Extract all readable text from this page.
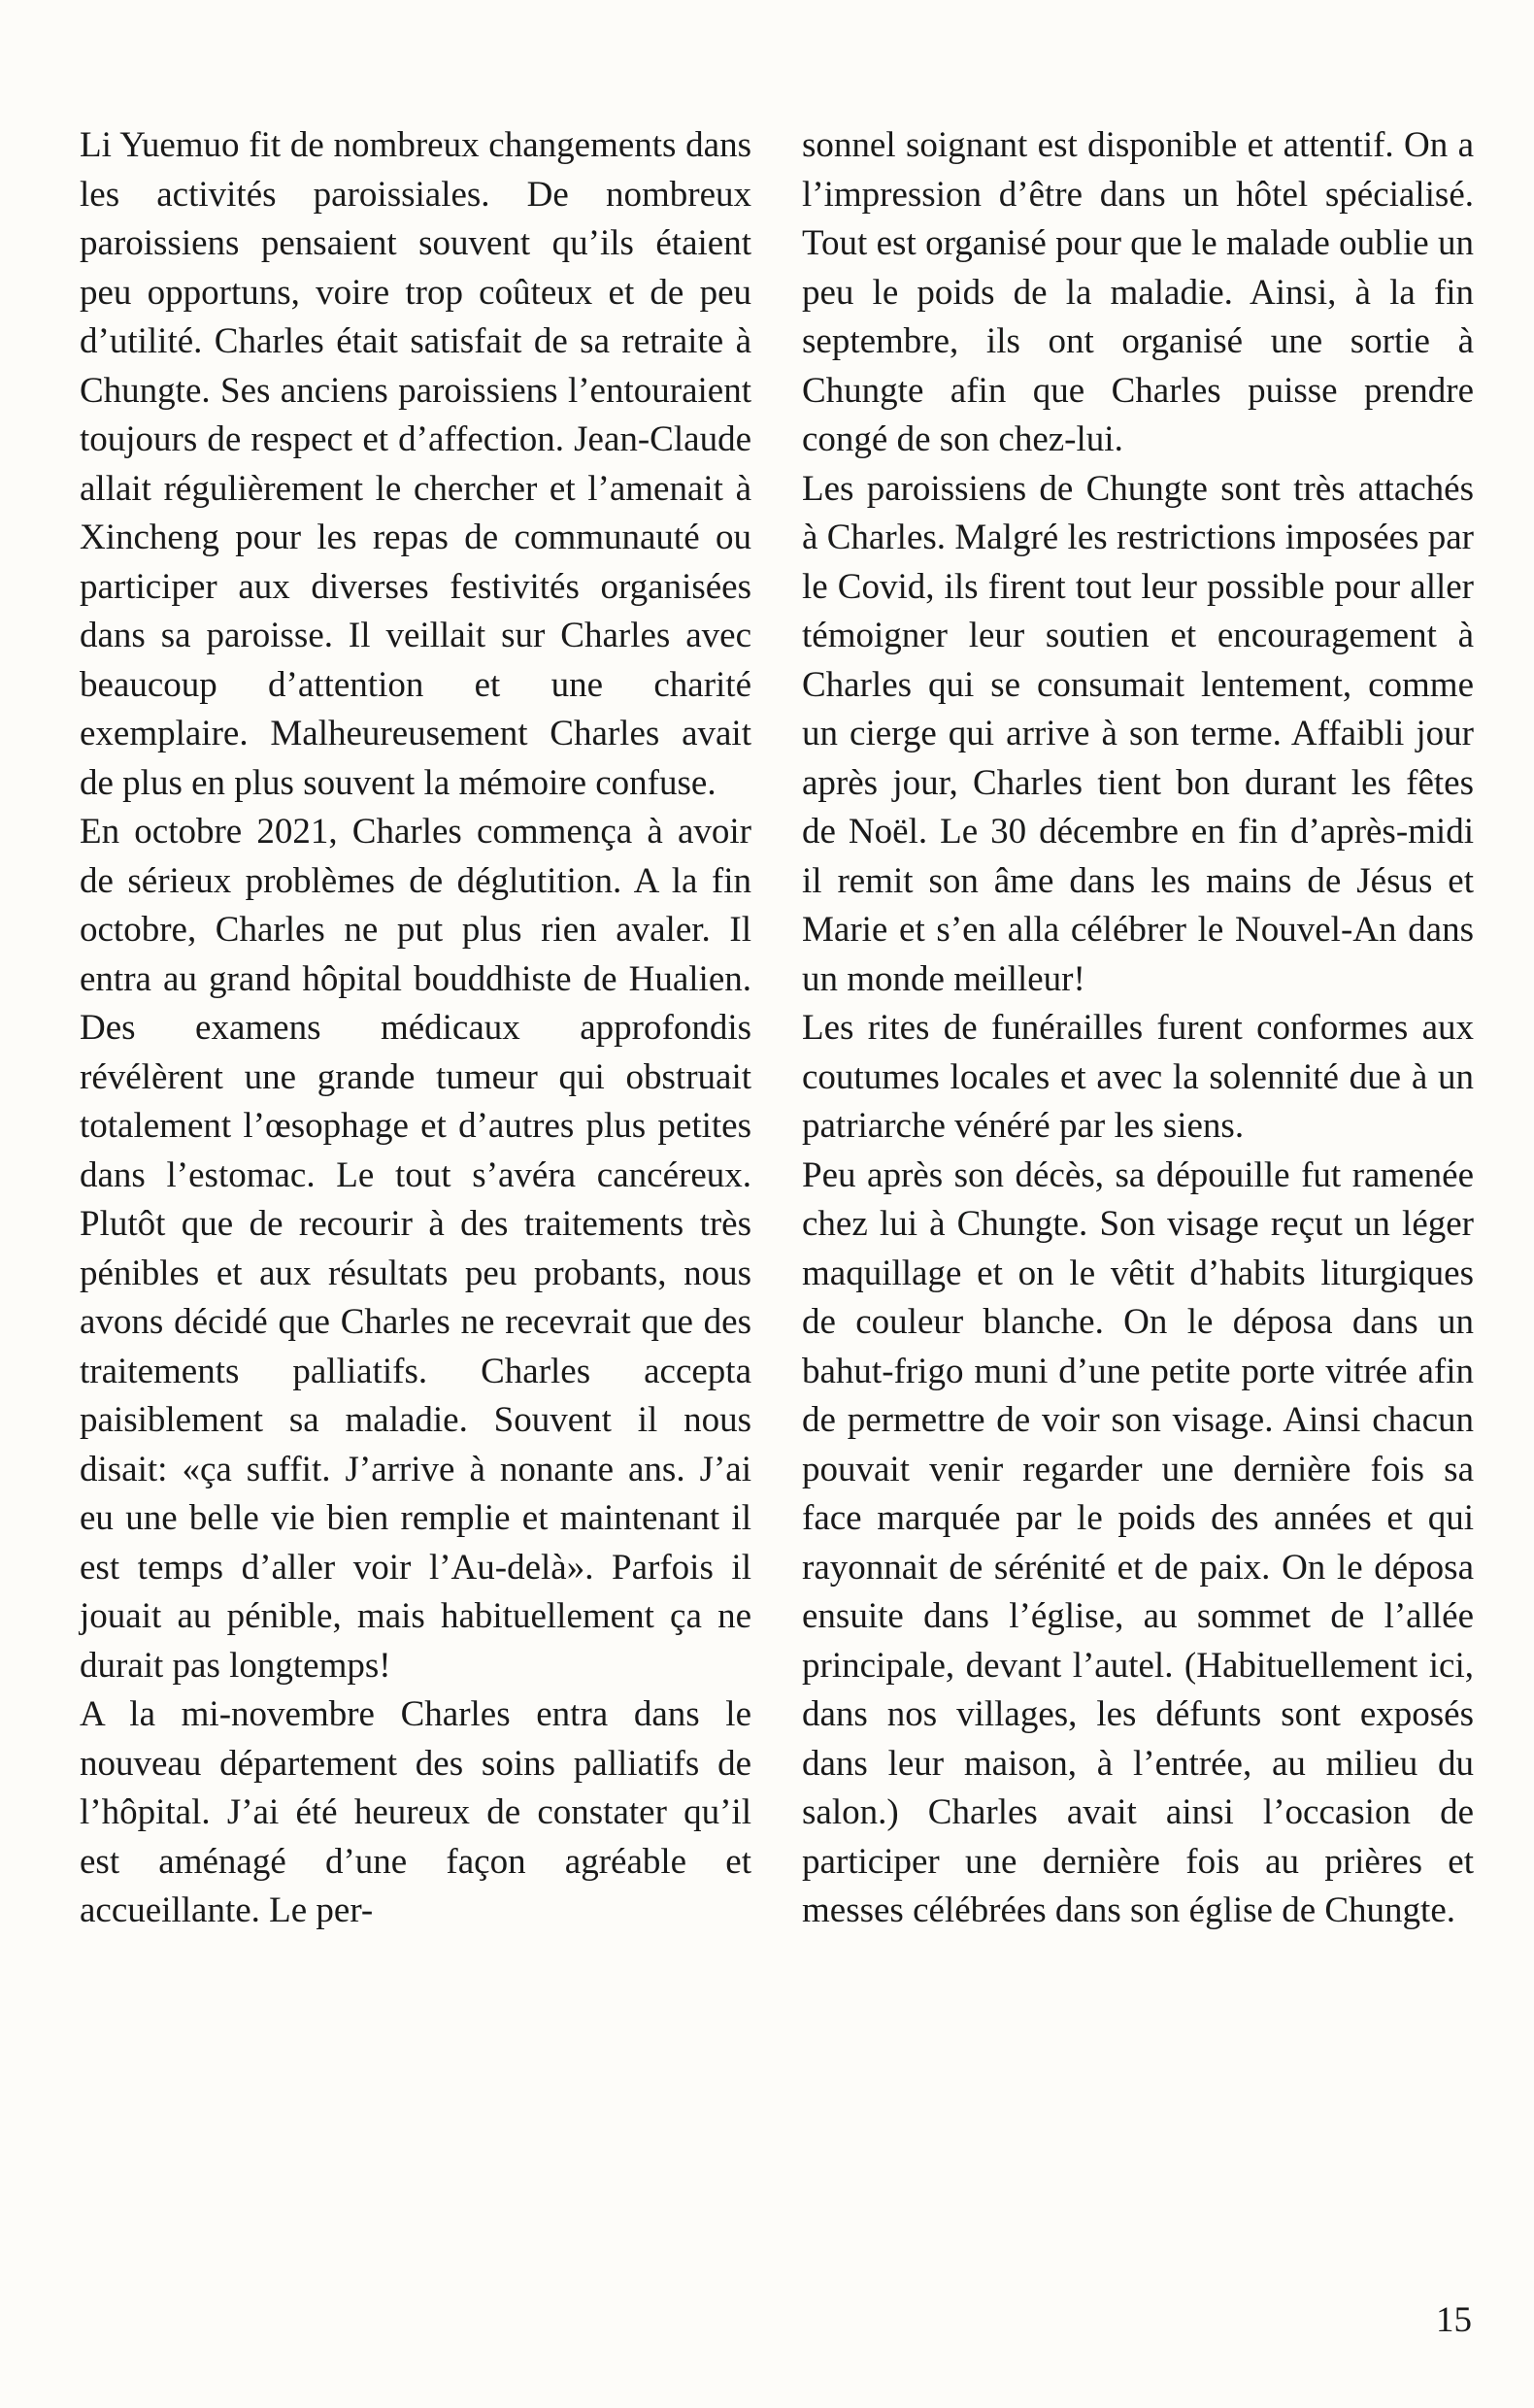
Li Yuemuo fit de nombreux changements dans les activités paroissiales. De nombreux paroissiens pensaient souvent qu’ils étaient peu opportuns, voire trop coûteux et de peu d’utilité. Charles était satisfait de sa retraite à Chungte. Ses anciens paroissiens l’entouraient toujours de respect et d’affection. Jean-Claude allait régulièrement le chercher et l’amenait à Xincheng pour les repas de communauté ou participer aux diverses festivités organisées dans sa paroisse. Il veillait sur Charles avec beaucoup d’attention et une charité exemplaire. Malheureusement Charles avait de plus en plus souvent la mémoire confuse.

En octobre 2021, Charles commença à avoir de sérieux problèmes de déglutition. A la fin octobre, Charles ne put plus rien avaler. Il entra au grand hôpital bouddhiste de Hualien. Des examens médicaux approfondis révélèrent une grande tumeur qui obstruait totalement l’œsophage et d’autres plus petites dans l’estomac. Le tout s’avéra cancéreux. Plutôt que de recourir à des traitements très pénibles et aux résultats peu probants, nous avons décidé que Charles ne recevrait que des traitements palliatifs. Charles accepta paisiblement sa maladie. Souvent il nous disait: «ça suffit. J’arrive à nonante ans. J’ai eu une belle vie bien remplie et maintenant il est temps d’aller voir l’Au-delà». Parfois il jouait au pénible, mais habituellement ça ne durait pas longtemps!

A la mi-novembre Charles entra dans le nouveau département des soins palliatifs de l’hôpital. J’ai été heureux de constater qu’il est aménagé d’une façon agréable et accueillante. Le per-

sonnel soignant est disponible et attentif. On a l’impression d’être dans un hôtel spécialisé. Tout est organisé pour que le malade oublie un peu le poids de la maladie. Ainsi, à la fin septembre, ils ont organisé une sortie à Chungte afin que Charles puisse prendre congé de son chez-lui.

Les paroissiens de Chungte sont très attachés à Charles. Malgré les restrictions imposées par le Covid, ils firent tout leur possible pour aller témoigner leur soutien et encouragement à Charles qui se consumait lentement, comme un cierge qui arrive à son terme. Affaibli jour après jour, Charles tient bon durant les fêtes de Noël. Le 30 décembre en fin d’après-midi il remit son âme dans les mains de Jésus et Marie et s’en alla célébrer le Nouvel-An dans un monde meilleur!

Les rites de funérailles furent conformes aux coutumes locales et avec la solennité due à un patriarche vénéré par les siens.

Peu après son décès, sa dépouille fut ramenée chez lui à Chungte. Son visage reçut un léger maquillage et on le vêtit d’habits liturgiques de couleur blanche. On le déposa dans un bahut-frigo muni d’une petite porte vitrée afin de permettre de voir son visage. Ainsi chacun pouvait venir regarder une dernière fois sa face marquée par le poids des années et qui rayonnait de sérénité et de paix. On le déposa ensuite dans l’église, au sommet de l’allée principale, devant l’autel. (Habituellement ici, dans nos villages, les défunts sont exposés dans leur maison, à l’entrée, au milieu du salon.) Charles avait ainsi l’occasion de participer une dernière fois au prières et messes célébrées dans son église de Chungte.

15
